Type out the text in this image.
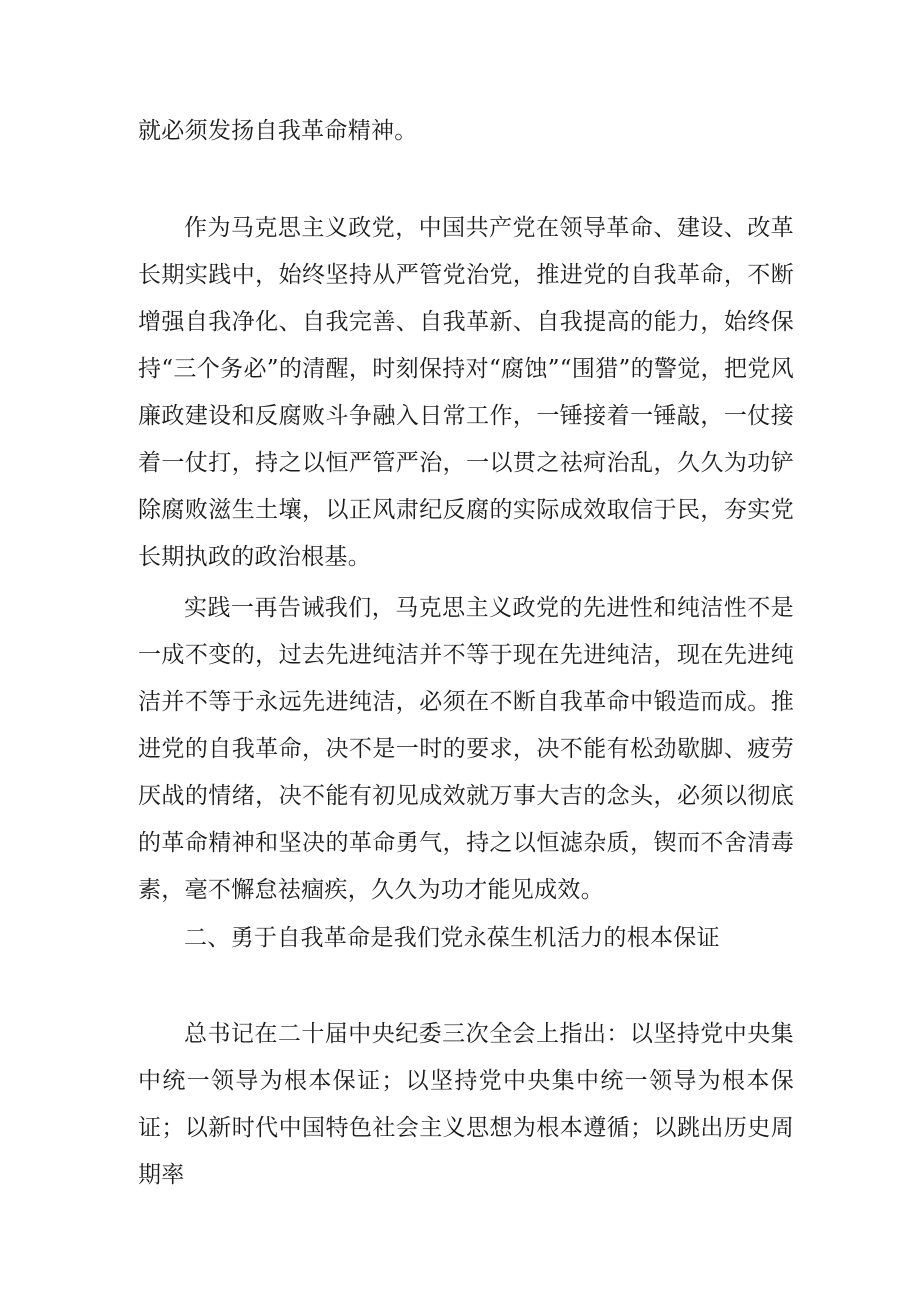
就必须发扬自我革命精神。

作为马克思主义政党，中国共产党在领导革命、建设、改革长期实践中，始终坚持从严管党治党，推进党的自我革命，不断增强自我净化、自我完善、自我革新、自我提高的能力，始终保持“三个务必”的清醒，时刻保持对“腐蚀”“围猎”的警觉，把党风廉政建设和反腐败斗争融入日常工作，一锤接着一锤敲，一仗接着一仗打，持之以恒严管严治，一以贯之祛疴治乱，久久为功铲除腐败滋生土壤，以正风肃纪反腐的实际成效取信于民，夯实党长期执政的政治根基。

实践一再告诫我们，马克思主义政党的先进性和纯洁性不是一成不变的，过去先进纯洁并不等于现在先进纯洁，现在先进纯洁并不等于永远先进纯洁，必须在不断自我革命中锻造而成。推进党的自我革命，决不是一时的要求，决不能有松劲歇脚、疲劳厌战的情绪，决不能有初见成效就万事大吉的念头，必须以彻底的革命精神和坚决的革命勇气，持之以恒滤杂质，锲而不舍清毒素，毫不懈怠祛痼疾，久久为功才能见成效。

二、勇于自我革命是我们党永葆生机活力的根本保证

总书记在二十届中央纪委三次全会上指出：以坚持党中央集中统一领导为根本保证；以坚持党中央集中统一领导为根本保证；以新时代中国特色社会主义思想为根本遵循；以跳出历史周期率
